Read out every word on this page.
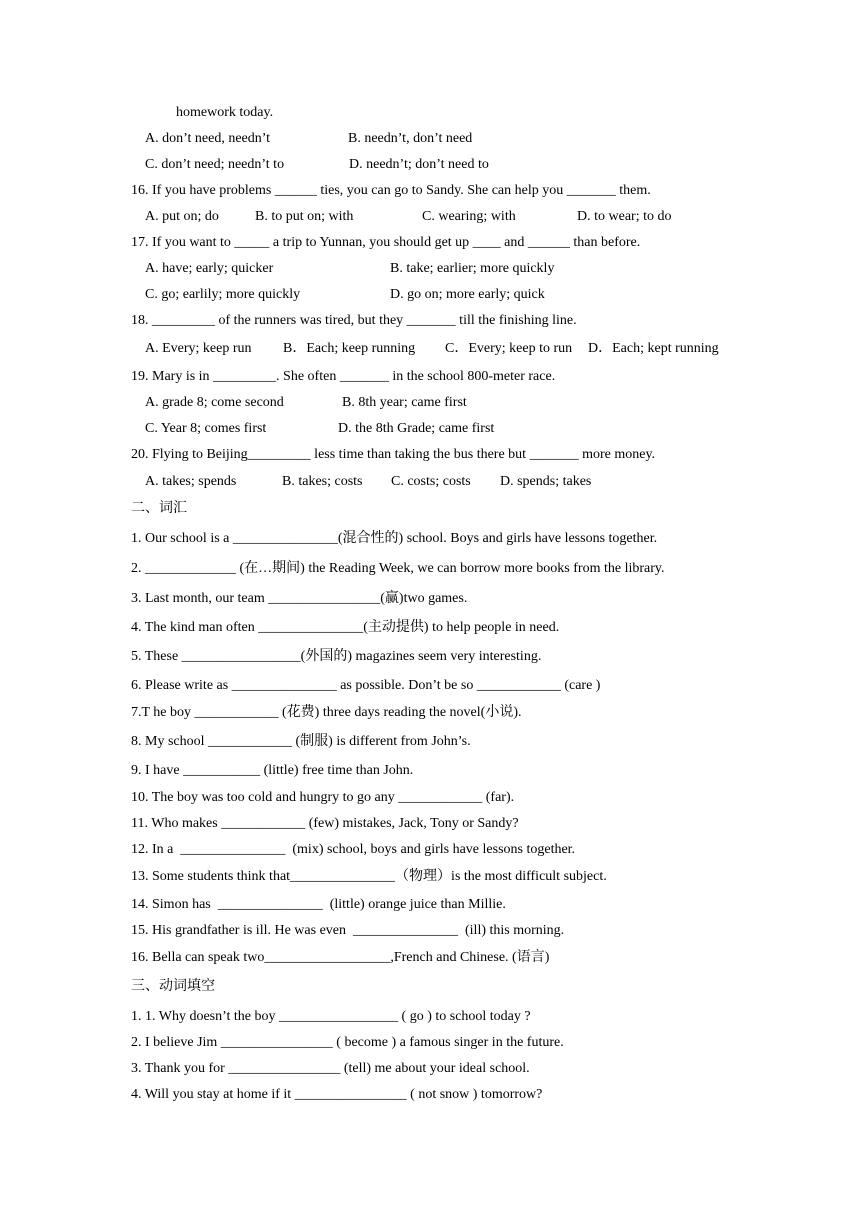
homework today.
A. don’t need, needn’t	B. needn’t, don’t need
C. don’t need; needn’t to	D. needn’t; don’t need to
16. If you have problems ______ ties, you can go to Sandy. She can help you _______ them.
A. put on; do	B. to put on; with	C. wearing; with	D. to wear; to do
17. If you want to _____ a trip to Yunnan, you should get up ____ and ______ than before.
A. have; early; quicker	B. take; earlier; more quickly
C. go; earlily; more quickly	D. go on; more early; quick
18. _________ of the runners was tired, but they _______ till the finishing line.
A. Every; keep run B．Each; keep running C．Every; keep to run D．Each; kept running
19. Mary is in _________. She often _______ in the school 800-meter race.
A. grade 8; come second	B. 8th year; came first
C. Year 8; comes first	D. the 8th Grade; came first
20. Flying to Beijing_________ less time than taking the bus there but _______ more money.
A. takes; spends	B. takes; costs C. costs; costs D. spends; takes
二、词汇
1. Our school is a _______________(混合性的) school. Boys and girls have lessons together.
2. _____________ (在…期间) the Reading Week, we can borrow more books from the library.
3. Last month, our team ________________(赢)two games.
4. The kind man often _______________(主动提供) to help people in need.
5. These _________________(外国的) magazines seem very interesting.
6. Please write as _______________ as possible. Don’t be so ____________ (care )
7.T he boy ____________ (花费) three days reading the novel(小说).
8. My school ____________ (制服) is different from John’s.
9. I have ___________ (little) free time than John.
10. The boy was too cold and hungry to go any ____________ (far).
11. Who makes ____________ (few) mistakes, Jack, Tony or Sandy?
12. In a  _______________  (mix) school, boys and girls have lessons together.
13. Some students think that_______________（物理）is the most difficult subject.
14. Simon has  _______________  (little) orange juice than Millie.
15. His grandfather is ill. He was even  _______________  (ill) this morning.
16. Bella can speak two__________________,French and Chinese. (语言)
三、动词填空
1. 1. Why doesn’t the boy _________________ ( go ) to school today ?
2. I believe Jim ________________ ( become ) a famous singer in the future.
3. Thank you for ________________ (tell) me about your ideal school.
4. Will you stay at home if it ________________ ( not snow ) tomorrow?
